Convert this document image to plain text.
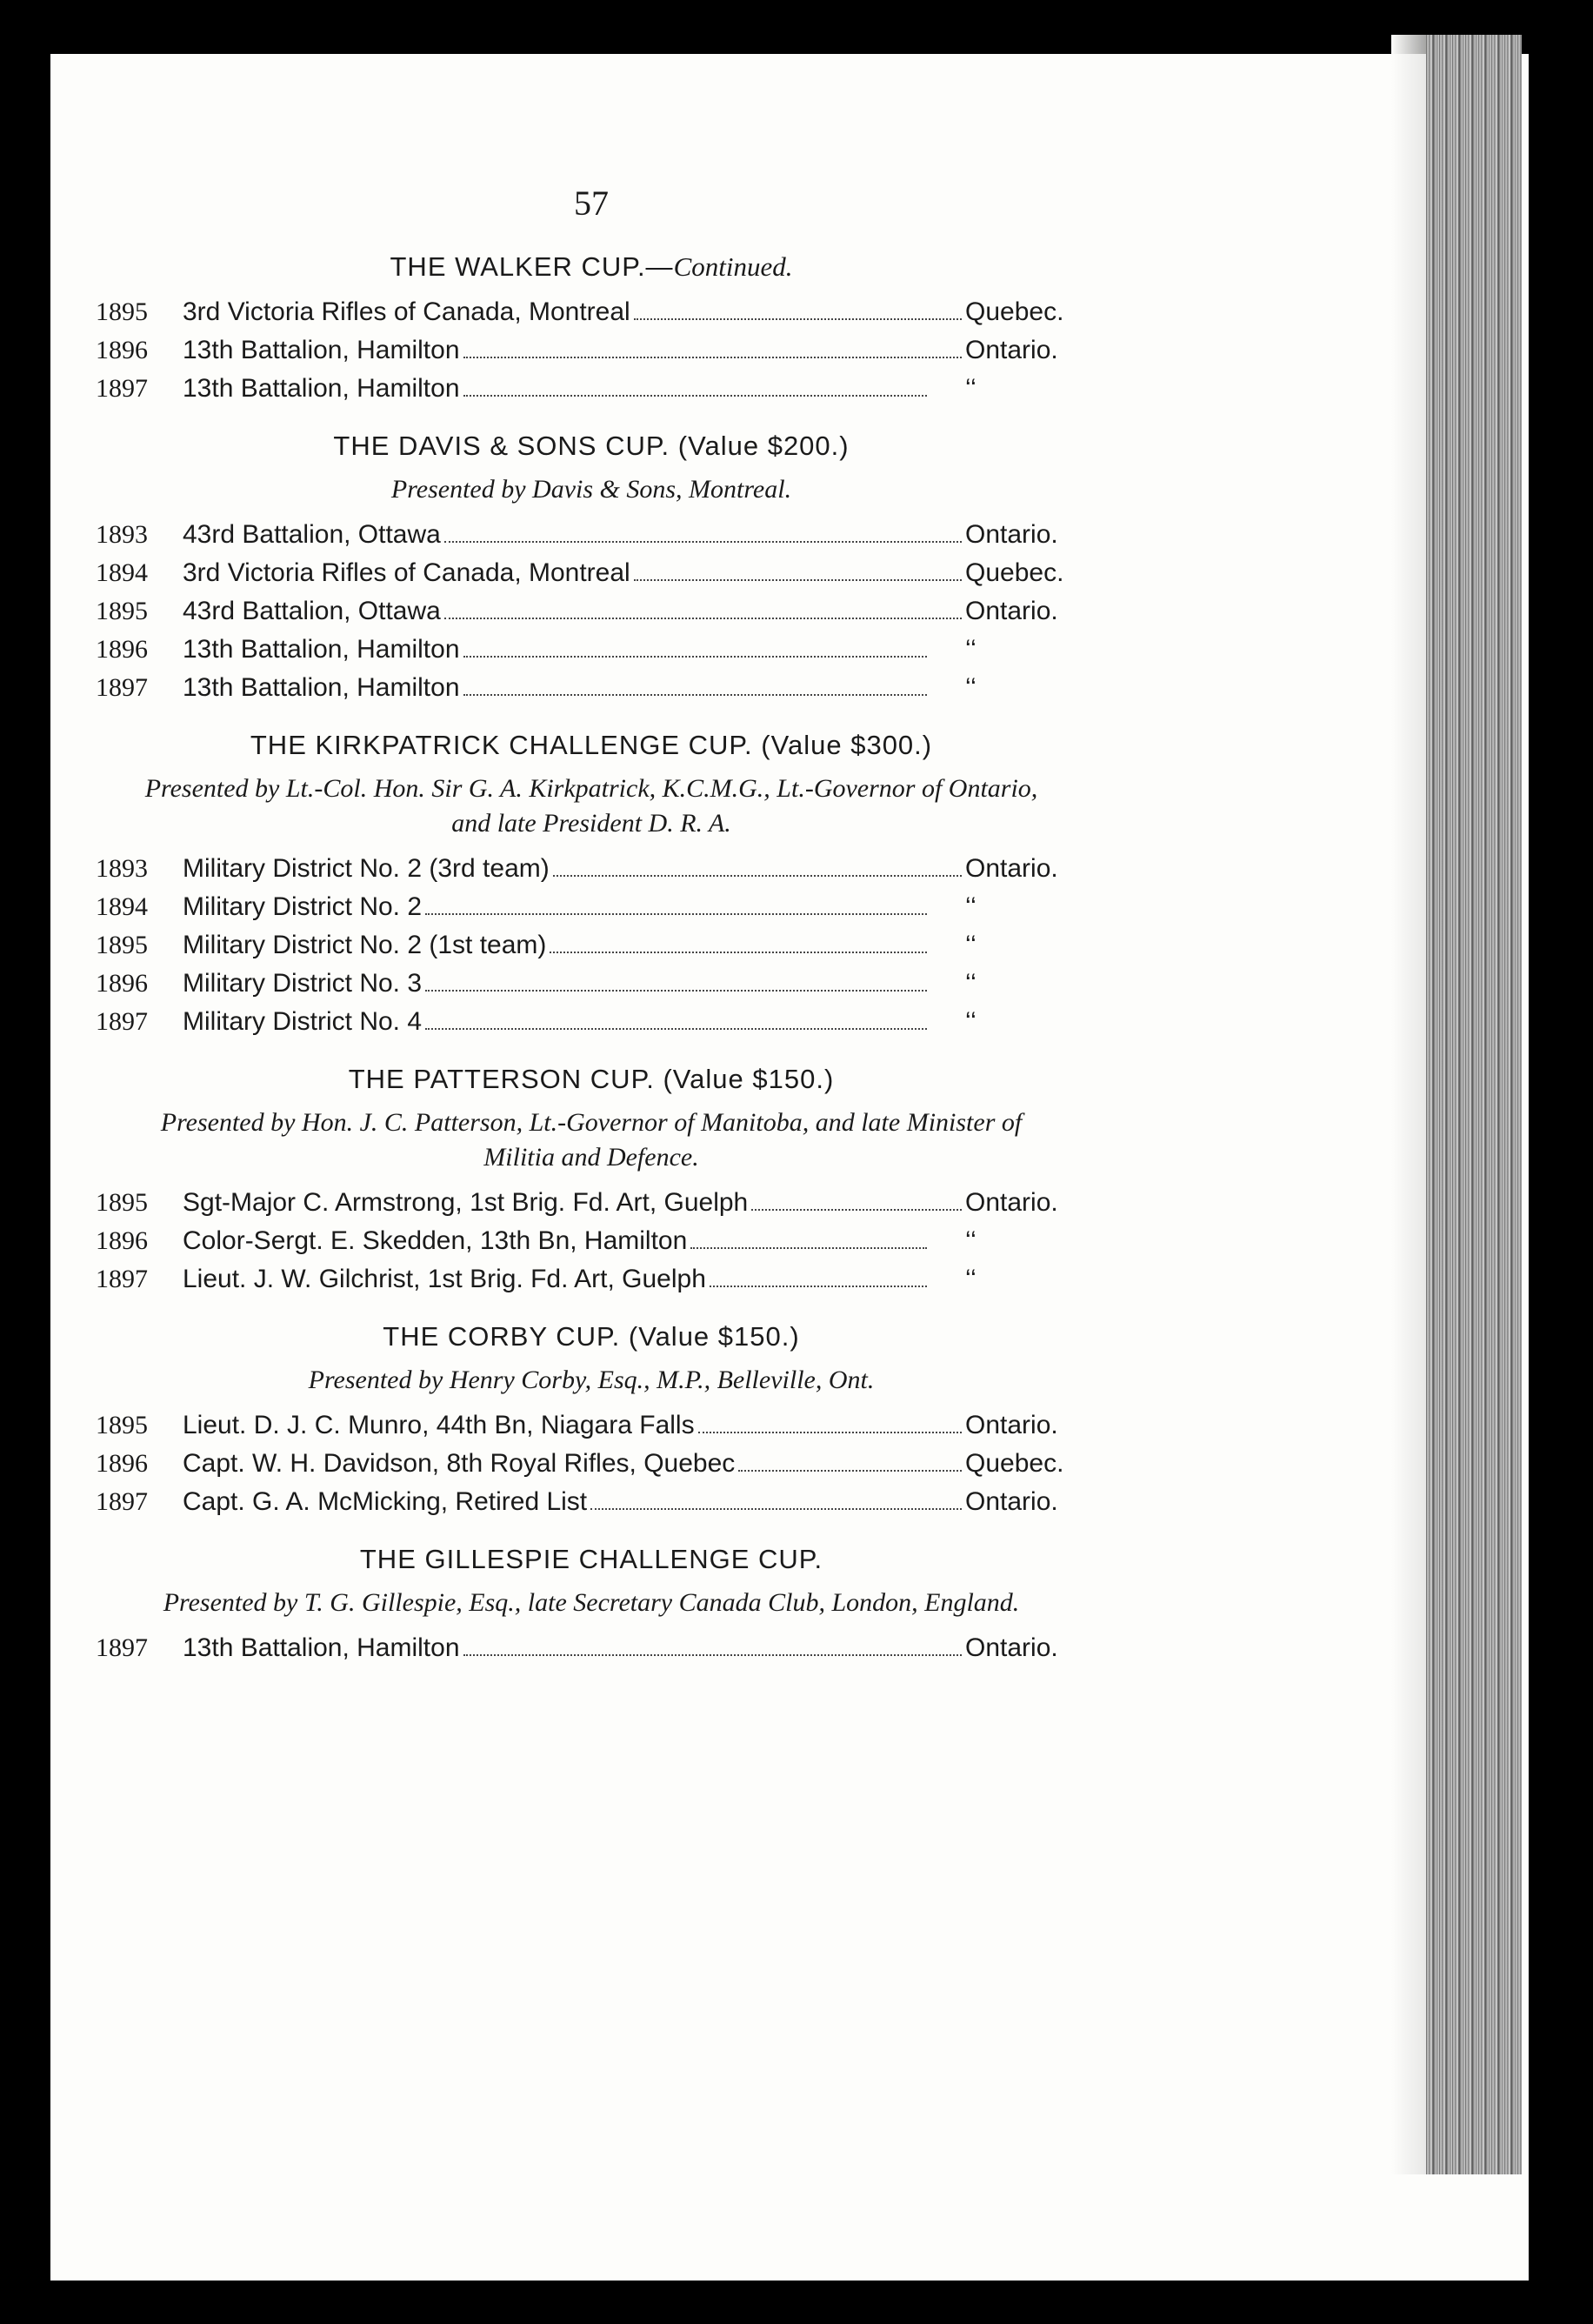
57
THE WALKER CUP.—Continued.
1895	3rd Victoria Rifles of Canada, Montreal	Quebec.
1896	13th Battalion, Hamilton	Ontario.
1897	13th Battalion, Hamilton	‘‘
THE DAVIS & SONS CUP. (Value $200.)
Presented by Davis & Sons, Montreal.
1893	43rd Battalion, Ottawa	Ontario.
1894	3rd Victoria Rifles of Canada, Montreal	Quebec.
1895	43rd Battalion, Ottawa	Ontario.
1896	13th Battalion, Hamilton	‘‘
1897	13th Battalion, Hamilton	‘‘
THE KIRKPATRICK CHALLENGE CUP. (Value $300.)
Presented by Lt.-Col. Hon. Sir G. A. Kirkpatrick, K.C.M.G., Lt.-Governor of Ontario, and late President D. R. A.
1893	Military District No. 2 (3rd team)	Ontario.
1894	Military District No. 2	‘‘
1895	Military District No. 2 (1st team)	‘‘
1896	Military District No. 3	‘‘
1897	Military District No. 4	‘‘
THE PATTERSON CUP. (Value $150.)
Presented by Hon. J. C. Patterson, Lt.-Governor of Manitoba, and late Minister of Militia and Defence.
1895	Sgt-Major C. Armstrong, 1st Brig. Fd. Art, Guelph	Ontario.
1896	Color-Sergt. E. Skedden, 13th Bn, Hamilton	‘‘
1897	Lieut. J. W. Gilchrist, 1st Brig. Fd. Art, Guelph	‘‘
THE CORBY CUP. (Value $150.)
Presented by Henry Corby, Esq., M.P., Belleville, Ont.
1895	Lieut. D. J. C. Munro, 44th Bn, Niagara Falls	Ontario.
1896	Capt. W. H. Davidson, 8th Royal Rifles, Quebec	Quebec.
1897	Capt. G. A. McMicking, Retired List	Ontario.
THE GILLESPIE CHALLENGE CUP.
Presented by T. G. Gillespie, Esq., late Secretary Canada Club, London, England.
1897	13th Battalion, Hamilton	Ontario.
